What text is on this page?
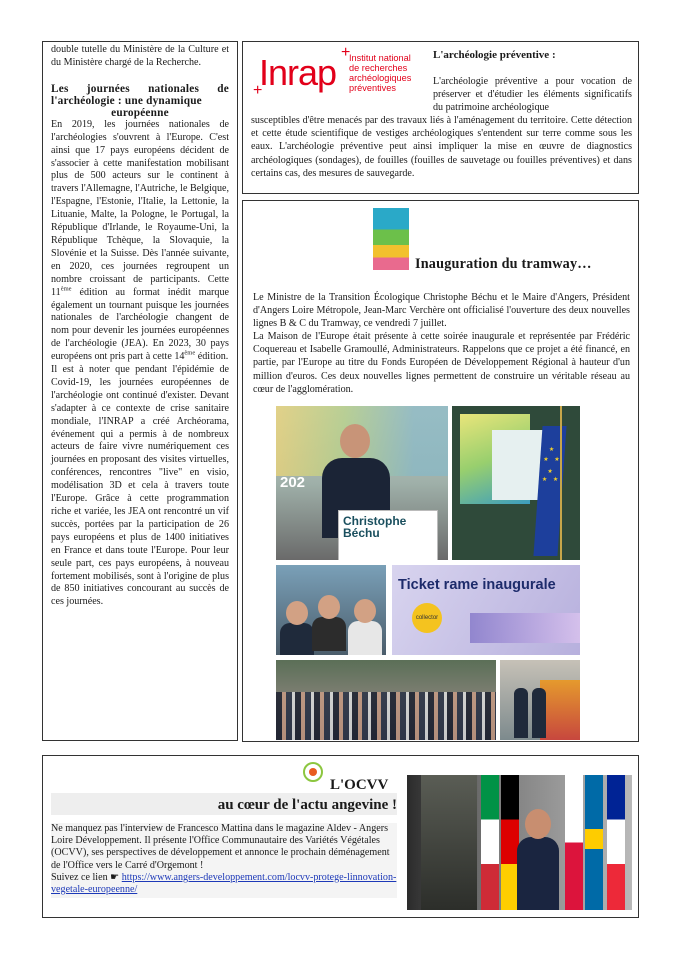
double tutelle du Ministère de la Culture et du Ministère chargé de la Recherche.

Les journées nationales de l'archéologie : une dynamique
européenne

En 2019, les journées nationales de l'archéologies s'ouvrent à l'Europe. C'est ainsi que 17 pays européens décident de s'associer à cette manifestation mobilisant plus de 500 acteurs sur le continent à travers l'Allemagne, l'Autriche, le Belgique, l'Espagne, l'Estonie, l'Italie, la Lettonie, la Lituanie, Malte, la Pologne, le Portugal, la République d'Irlande, le Royaume-Uni, la République Tchèque, la Slovaquie, la Slovénie et la Suisse. Dès l'année suivante, en 2020, ces journées regroupent un nombre croissant de participants. Cette 11ème édition au format inédit marque également un tournant puisque les journées nationales de l'archéologie changent de nom pour devenir les journées européennes de l'archéologie (JEA). En 2023, 30 pays européens ont pris part à cette 14ème édition.

Il est à noter que pendant l'épidémie de Covid-19, les journées européennes de l'archéologie ont continué d'exister. Devant s'adapter à ce contexte de crise sanitaire mondiale, l'INRAP a créé Archéorama, événement qui a permis à de nombreux acteurs de faire vivre numériquement ces journées en proposant des visites virtuelles, conférences, rencontres "live" en visio, modélisation 3D et cela à travers toute l'Europe. Grâce à cette programmation riche et variée, les JEA ont rencontré un vif succès, portées par la participation de 26 pays européens et plus de 1400 initiatives en France et dans toute l'Europe. Pour leur seule part, ces pays européens, à nouveau fortement mobilisés, sont à l'origine de plus de 850 initiatives concourant au succès de ces journées.

+
+
Inrap Institut national
de recherches
archéologiques
préventives
L'archéologie préventive :
L'archéologie préventive a pour vocation de préserver et d'étudier les éléments significatifs du patrimoine archéologique
susceptibles d'être menacés par des travaux liés à l'aménagement du territoire. Cette détection et cette étude scientifique de vestiges archéologiques s'entendent sur terre comme sous les eaux. L'archéologie préventive peut ainsi impliquer la mise en œuvre de diagnostics archéologiques (sondages), de fouilles (fouilles de sauvetage ou fouilles préventives) et dans certains cas, des mesures de sauvegarde.
Inauguration du tramway…

Le Ministre de la Transition Écologique Christophe Béchu et le Maire d'Angers, Président d'Angers Loire Métropole, Jean-Marc Verchère ont officialisé l'ouverture des deux nouvelles lignes B & C du Tramway, ce vendredi 7 juillet.

La Maison de l'Europe était présente à cette soirée inaugurale et représentée par Frédéric Coquereau et Isabelle Gramoullé, Administrateurs. Rappelons que ce projet a été financé, en partie, par l'Europe au titre du Fonds Européen de Développement Régional à hauteur d'un million d'euros. Ces deux nouvelles lignes permettent de construire un véritable réseau au cœur de l'agglomération.

202
Christophe
Béchu
★
★
★
★
★
★
Ticket rame inaugurale
collector
L'OCVV
au cœur de l'actu angevine !

Ne manquez pas l'interview de Francesco Mattina dans le magazine Aldev - Angers Loire Développement. Il présente l'Office Communautaire des Variétés Végétales (OCVV), ses perspectives de développement et annonce le prochain déménagement de l'Office vers le Carré d'Orgemont !

Suivez ce lien ☛ https://www.angers-developpement.com/locvv-protege-linnovation-vegetale-europeenne/
